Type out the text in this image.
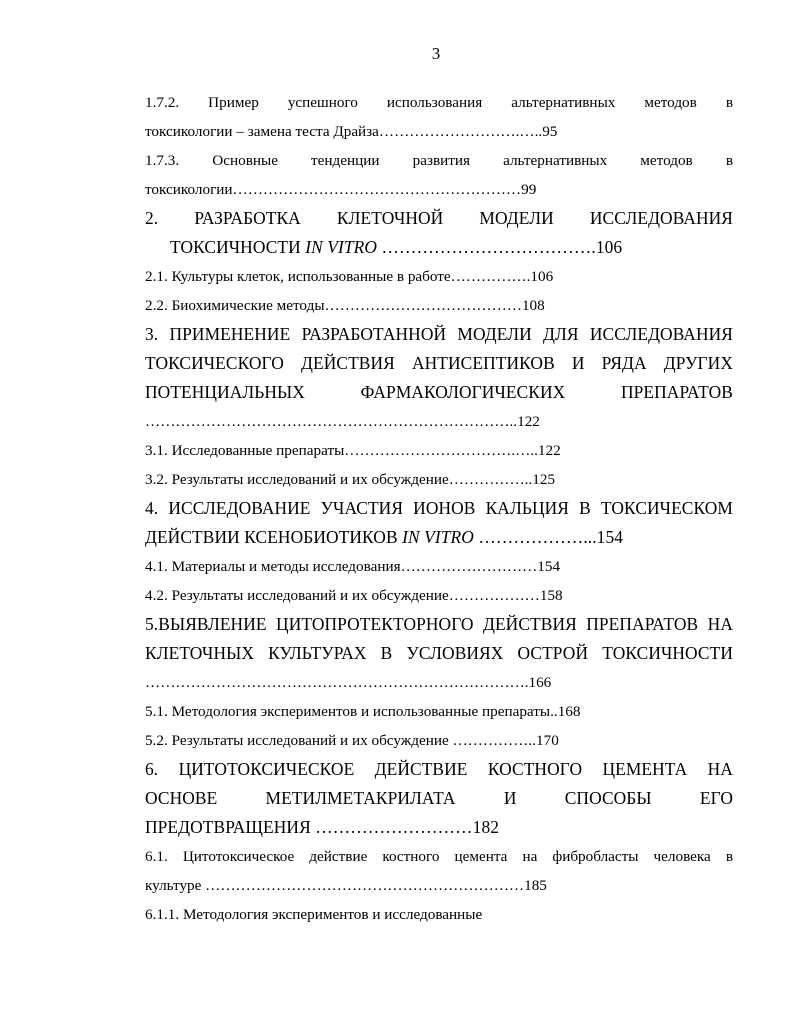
3
1.7.2. Пример успешного использования альтернативных методов в
токсикологии – замена теста Драйза……………………….…..95
1.7.3. Основные тенденции развития альтернативных методов в
токсикологии…………………………………………………99
2. РАЗРАБОТКА КЛЕТОЧНОЙ МОДЕЛИ ИССЛЕДОВАНИЯ
ТОКСИЧНОСТИ IN VITRO ……………………………….106
2.1. Культуры клеток, использованные в работе…………….106
2.2. Биохимические методы…………………………………108
3. ПРИМЕНЕНИЕ РАЗРАБОТАННОЙ МОДЕЛИ ДЛЯ ИССЛЕДОВАНИЯ
ТОКСИЧЕСКОГО ДЕЙСТВИЯ АНТИСЕПТИКОВ И РЯДА ДРУГИХ
ПОТЕНЦИАЛЬНЫХ ФАРМАКОЛОГИЧЕСКИХ ПРЕПАРАТОВ
………………………………………………………………..122
3.1. Исследованные препараты…………………………….…..122
3.2. Результаты исследований и их обсуждение……………..125
4. ИССЛЕДОВАНИЕ УЧАСТИЯ ИОНОВ КАЛЬЦИЯ В ТОКСИЧЕСКОМ
ДЕЙСТВИИ КСЕНОБИОТИКОВ IN VITRO ………………...154
4.1. Материалы и методы исследования………………………154
4.2. Результаты исследований и их обсуждение………………158
5.ВЫЯВЛЕНИЕ ЦИТОПРОТЕКТОРНОГО ДЕЙСТВИЯ ПРЕПАРАТОВ НА
КЛЕТОЧНЫХ КУЛЬТУРАХ В УСЛОВИЯХ ОСТРОЙ ТОКСИЧНОСТИ
………………………………………………………………….166
5.1. Методология экспериментов и использованные препараты..168
5.2. Результаты исследований и их обсуждение ……………..170
6. ЦИТОТОКСИЧЕСКОЕ ДЕЙСТВИЕ КОСТНОГО ЦЕМЕНТА НА
ОСНОВЕ МЕТИЛМЕТАКРИЛАТА И СПОСОБЫ ЕГО
ПРЕДОТВРАЩЕНИЯ ………………………182
6.1. Цитотоксическое действие костного цемента на фибробласты человека в
культуре ………………………………………………………185
6.1.1. Методология экспериментов и исследованные
